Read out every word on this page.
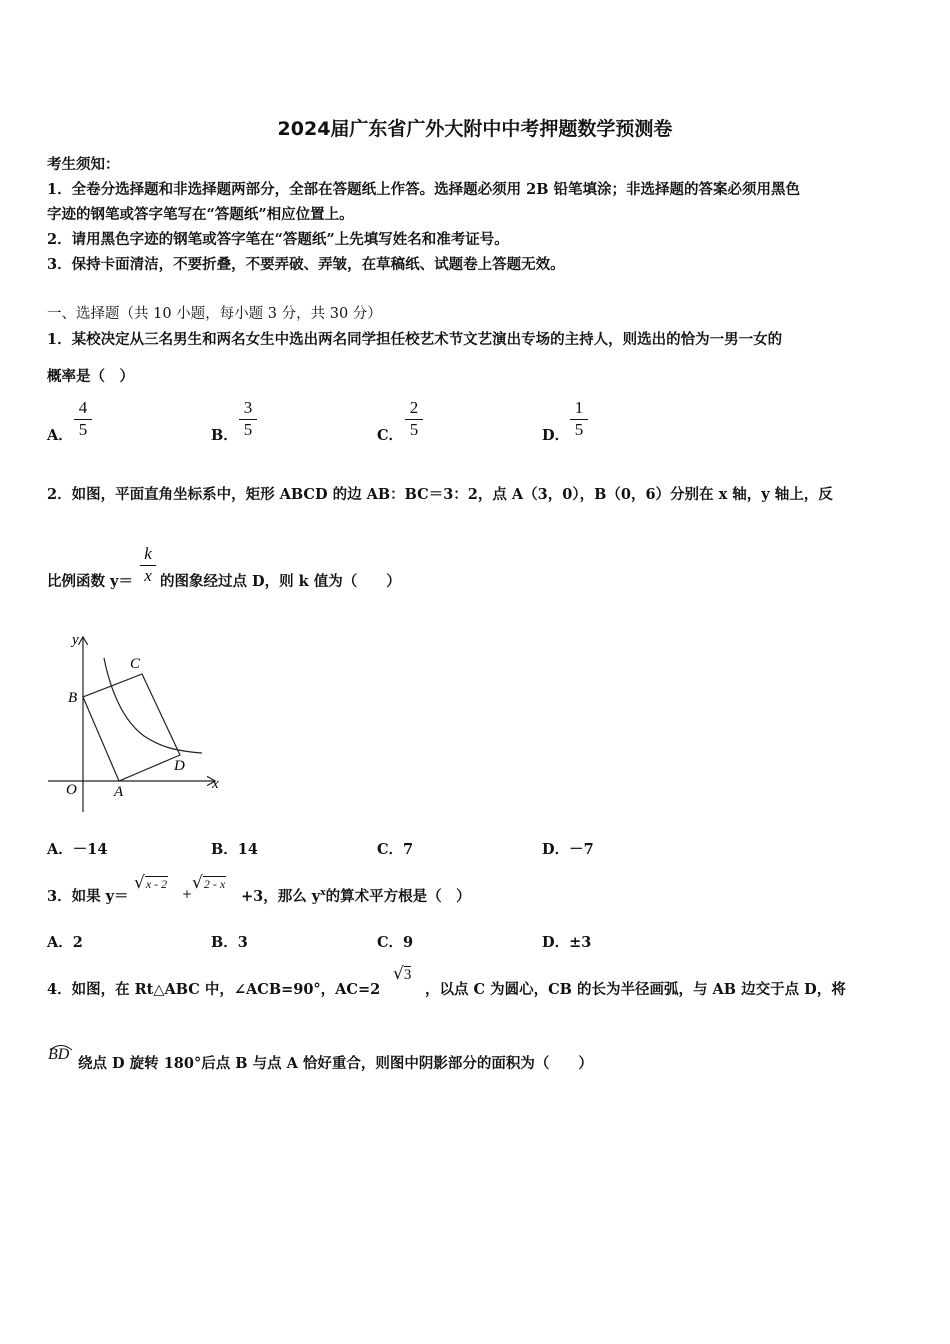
2024届广东省广外大附中中考押题数学预测卷
考生须知：
1．全卷分选择题和非选择题两部分，全部在答题纸上作答。选择题必须用 2B 铅笔填涂；非选择题的答案必须用黑色
字迹的钢笔或答字笔写在“答题纸”相应位置上。
2．请用黑色字迹的钢笔或答字笔在“答题纸”上先填写姓名和准考证号。
3．保持卡面清洁，不要折叠，不要弄破、弄皱，在草稿纸、试题卷上答题无效。
一、选择题（共 10 小题，每小题 3 分，共 30 分）
1．某校决定从三名男生和两名女生中选出两名同学担任校艺术节文艺演出专场的主持人，则选出的恰为一男一女的
概率是（　）
A．
4
5	B．
3
5	C．
2
5	D．
1
5
2．如图，平面直角坐标系中，矩形 ABCD 的边 AB：BC＝3：2，点 A（3，0），B（0，6）分别在 x 轴，y 轴上，反
比例函数 y＝
k
x 的图象经过点 D，则 k 值为（　　）
y
x
B
C
D
O A
A．－14	B．14	C．7	D．－7
3．如果 y＝
√x - 2
+
√2 - x
+3，那么 $y^x$的算术平方根是（　）
A．2	B．3	C．9	D．±3
4．如图，在 Rt△ABC 中，∠ACB=90°，AC=2
√3
，以点 C 为圆心，CB 的长为半径画弧，与 AB 边交于点 D，将
BD
绕点 D 旋转 180°后点 B 与点 A 恰好重合，则图中阴影部分的面积为（　　）
